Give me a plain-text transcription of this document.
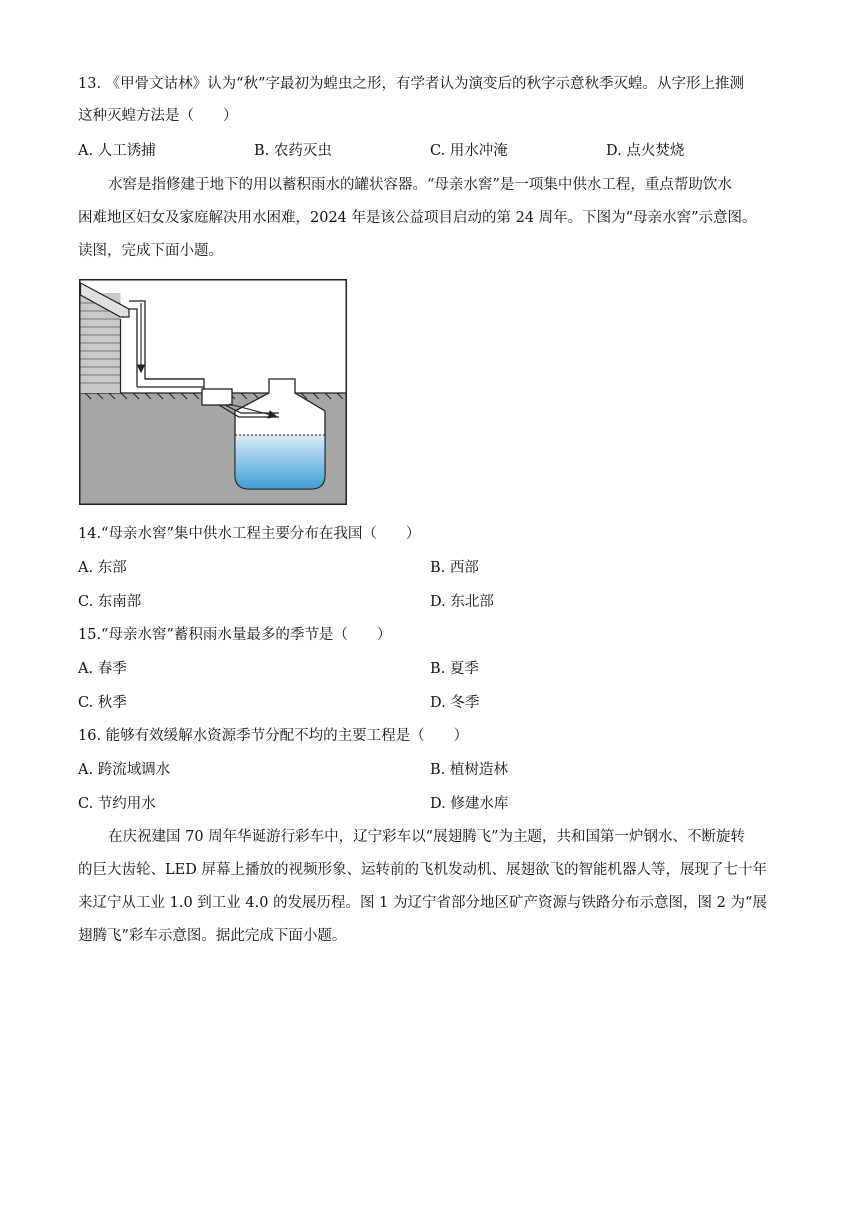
13. 《甲骨文诂林》认为“秋”字最初为蝗虫之形，有学者认为演变后的秋字示意秋季灭蝗。从字形上推测
这种灭蝗方法是（　　）
A. 人工诱捕	B. 农药灭虫	C. 用水冲淹	D. 点火焚烧
水窖是指修建于地下的用以蓄积雨水的罐状容器。“母亲水窖”是一项集中供水工程，重点帮助饮水
困难地区妇女及家庭解决用水困难，2024 年是该公益项目启动的第 24 周年。下图为“母亲水窖”示意图。
读图，完成下面小题。
14.“母亲水窖”集中供水工程主要分布在我国（　　）
A. 东部	B. 西部
C. 东南部	D. 东北部
15.“母亲水窖”蓄积雨水量最多的季节是（　　）
A. 春季	B. 夏季
C. 秋季	D. 冬季
16. 能够有效缓解水资源季节分配不均的主要工程是（　　）
A. 跨流域调水	B. 植树造林
C. 节约用水	D. 修建水库
在庆祝建国 70 周年华诞游行彩车中，辽宁彩车以“展翅腾飞”为主题，共和国第一炉钢水、不断旋转
的巨大齿轮、LED 屏幕上播放的视频形象、运转前的飞机发动机、展翅欲飞的智能机器人等，展现了七十年
来辽宁从工业 1.0 到工业 4.0 的发展历程。图 1 为辽宁省部分地区矿产资源与铁路分布示意图，图 2 为“展
翅腾飞”彩车示意图。据此完成下面小题。
